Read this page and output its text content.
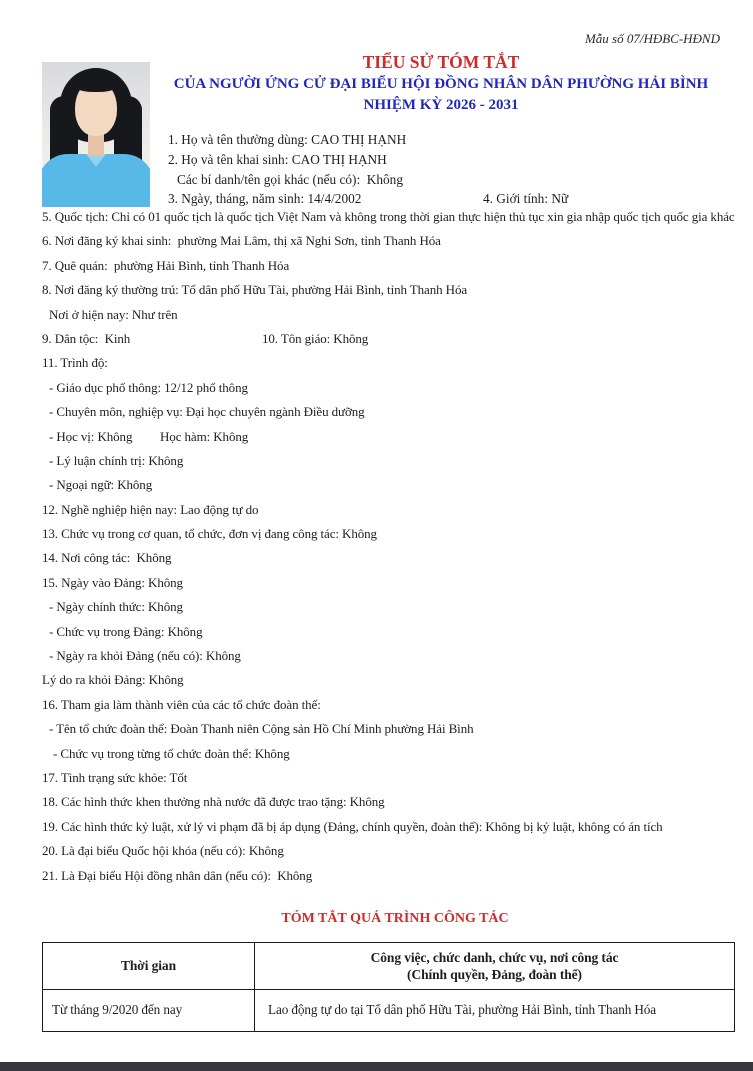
Mẫu số 07/HĐBC-HĐND
TIỂU SỬ TÓM TẮT
CỦA NGƯỜI ỨNG CỬ ĐẠI BIỂU HỘI ĐỒNG NHÂN DÂN PHƯỜNG HẢI BÌNH
NHIỆM KỲ 2026 - 2031
1. Họ và tên thường dùng: CAO THỊ HẠNH
2. Họ và tên khai sinh: CAO THỊ HẠNH
Các bí danh/tên gọi khác (nếu có):  Không
3. Ngày, tháng, năm sinh: 14/4/2002	4. Giới tính: Nữ
5. Quốc tịch: Chỉ có 01 quốc tịch là quốc tịch Việt Nam và không trong thời gian thực hiện thủ tục xin gia nhập quốc tịch quốc gia khác
6. Nơi đăng ký khai sinh:  phường Mai Lâm, thị xã Nghi Sơn, tỉnh Thanh Hóa
7. Quê quán:  phường Hải Bình, tỉnh Thanh Hóa
8. Nơi đăng ký thường trú: Tổ dân phố Hữu Tài, phường Hải Bình, tỉnh Thanh Hóa
Nơi ở hiện nay: Như trên
9. Dân tộc:  Kinh	10. Tôn giáo: Không
11. Trình độ:
- Giáo dục phổ thông: 12/12 phổ thông
- Chuyên môn, nghiệp vụ: Đại học chuyên ngành Điều dưỡng
- Học vị: Không Học hàm: Không
- Lý luận chính trị: Không
- Ngoại ngữ: Không
12. Nghề nghiệp hiện nay: Lao động tự do
13. Chức vụ trong cơ quan, tổ chức, đơn vị đang công tác: Không
14. Nơi công tác:  Không
15. Ngày vào Đảng: Không
- Ngày chính thức: Không
- Chức vụ trong Đảng: Không
- Ngày ra khỏi Đảng (nếu có): Không
Lý do ra khỏi Đảng: Không
16. Tham gia làm thành viên của các tổ chức đoàn thể:
- Tên tổ chức đoàn thể: Đoàn Thanh niên Cộng sản Hồ Chí Minh phường Hải Bình
- Chức vụ trong từng tổ chức đoàn thể: Không
17. Tình trạng sức khỏe: Tốt
18. Các hình thức khen thưởng nhà nước đã được trao tặng: Không
19. Các hình thức kỷ luật, xử lý vi phạm đã bị áp dụng (Đảng, chính quyền, đoàn thể): Không bị kỷ luật, không có án tích
20. Là đại biểu Quốc hội khóa (nếu có): Không
21. Là Đại biểu Hội đồng nhân dân (nếu có):  Không
TÓM TẮT QUÁ TRÌNH CÔNG TÁC
Thời gian	Công việc, chức danh, chức vụ, nơi công tác
(Chính quyền, Đảng, đoàn thể)

Từ tháng 9/2020 đến nay	Lao động tự do tại Tổ dân phố Hữu Tài, phường Hải Bình, tỉnh Thanh Hóa
